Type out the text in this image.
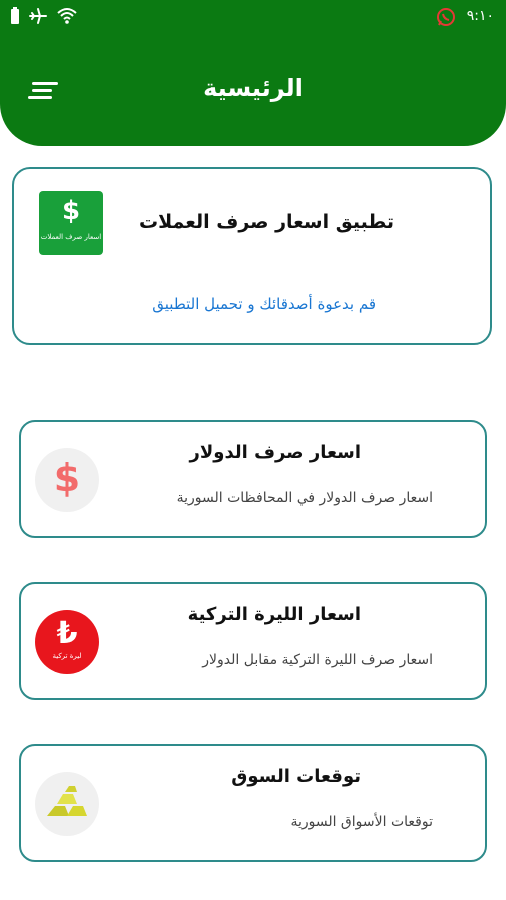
٩:١٠
الرئيسية
$
اسعار صرف العملات
تطبيق اسعار صرف العملات
قم بدعوة أصدقائك و تحميل التطبيق
$
اسعار صرف الدولار
اسعار صرف الدولار في المحافظات السورية
₺
ليرة تركية
اسعار الليرة التركية
اسعار صرف الليرة التركية مقابل الدولار
توقعات السوق
توقعات الأسواق السورية
